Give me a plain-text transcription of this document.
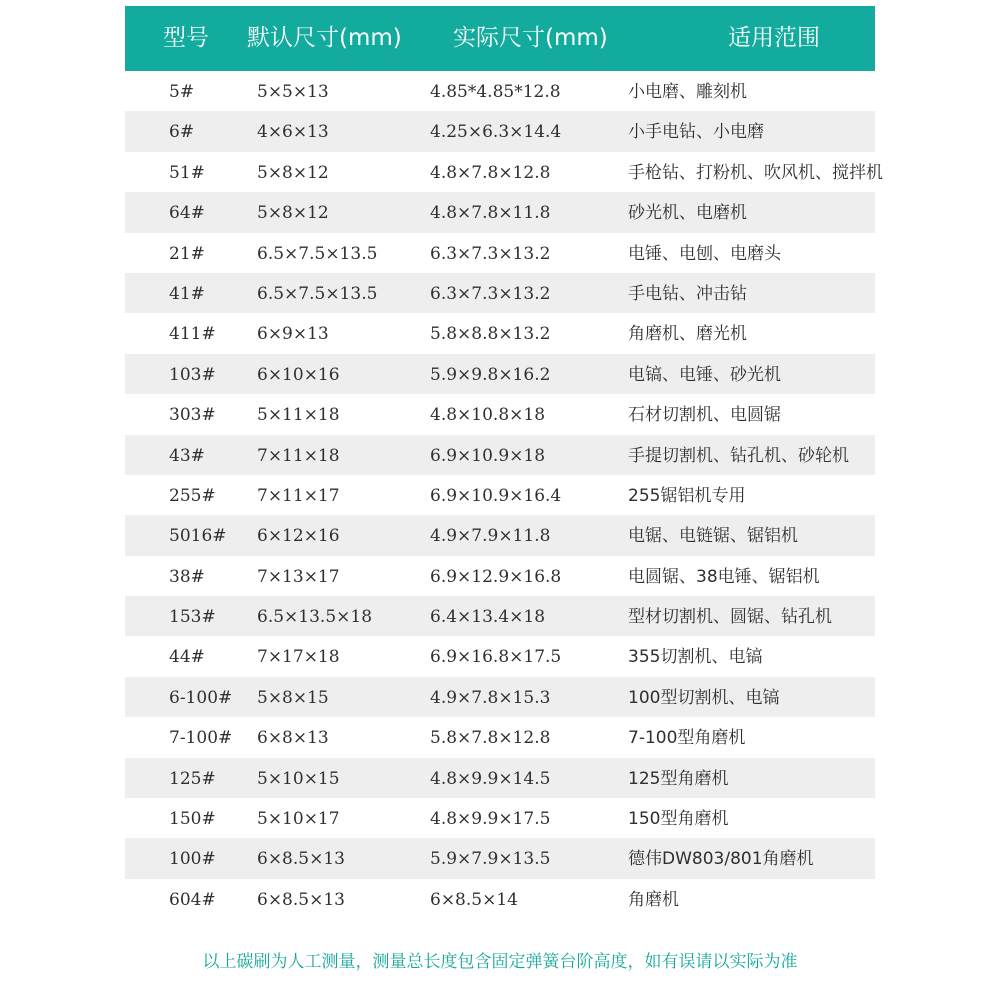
型号 默认尺寸(mm) 实际尺寸(mm)	适用范围
5#	5×5×13	4.85*4.85*12.8	小电磨、雕刻机
6#	4×6×13	4.25×6.3×14.4	小手电钻、小电磨
51#	5×8×12	4.8×7.8×12.8	手枪钻、打粉机、吹风机、搅拌机
64#	5×8×12	4.8×7.8×11.8	砂光机、电磨机
21#	6.5×7.5×13.5	6.3×7.3×13.2	电锤、电刨、电磨头
41#	6.5×7.5×13.5	6.3×7.3×13.2	手电钻、冲击钻
411# 6×9×13	5.8×8.8×13.2	角磨机、磨光机
103# 6×10×16	5.9×9.8×16.2	电镐、电锤、砂光机
303# 5×11×18	4.8×10.8×18	石材切割机、电圆锯
43#	7×11×18	6.9×10.9×18	手提切割机、钻孔机、砂轮机
255# 7×11×17	6.9×10.9×16.4	255锯铝机专用
5016# 6×12×16	4.9×7.9×11.8	电锯、电链锯、锯铝机
38#	7×13×17	6.9×12.9×16.8	电圆锯、38电锤、锯铝机
153# 6.5×13.5×18	6.4×13.4×18	型材切割机、圆锯、钻孔机
44#	7×17×18	6.9×16.8×17.5	355切割机、电镐
6-100# 5×8×15	4.9×7.8×15.3	100型切割机、电镐
7-100# 6×8×13	5.8×7.8×12.8	7-100型角磨机
125# 5×10×15	4.8×9.9×14.5	125型角磨机
150# 5×10×17	4.8×9.9×17.5	150型角磨机
100# 6×8.5×13	5.9×7.9×13.5	德伟DW803/801角磨机
604# 6×8.5×13	6×8.5×14	角磨机
以上碳刷为人工测量，测量总长度包含固定弹簧台阶高度，如有误请以实际为准
